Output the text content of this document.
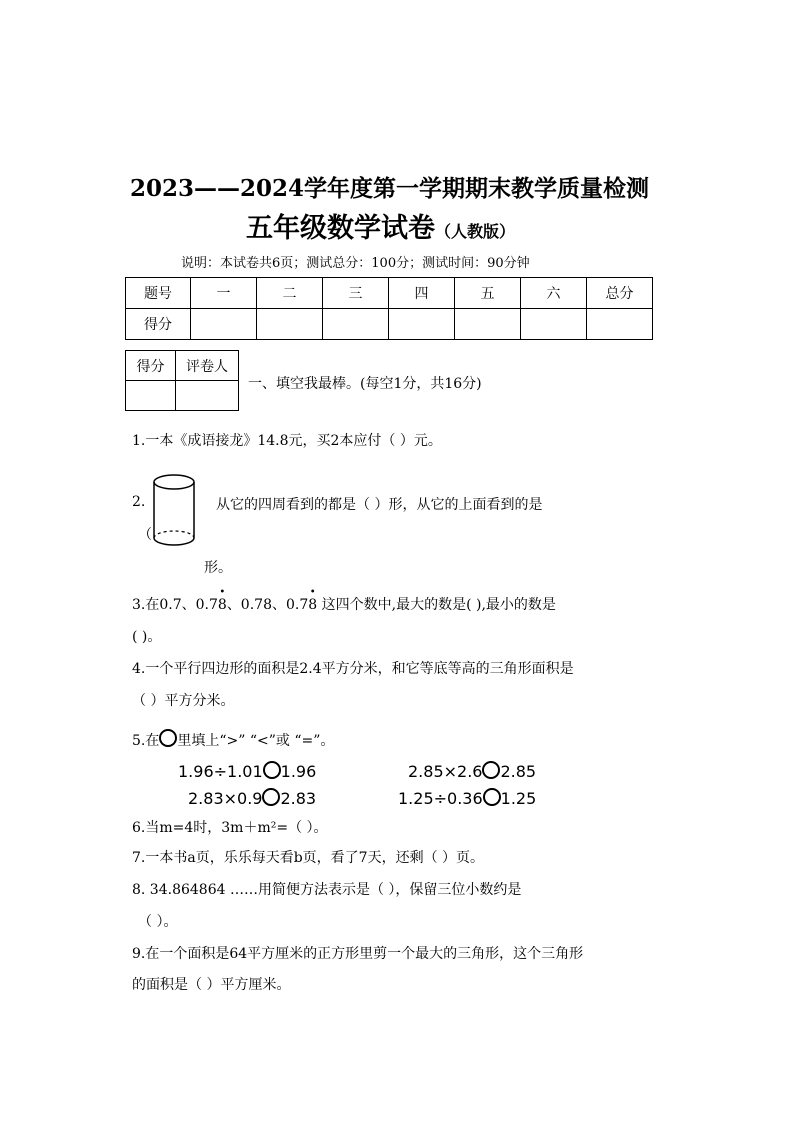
2023——2024学年度第一学期期末教学质量检测
五年级数学试卷（人教版）
说明：本试卷共6页；测试总分：100分；测试时间：90分钟
题号	一	二	三	四	五	六	总分
得分							
得分	评卷人

一、填空我最棒。(每空1分，共16分)
1.一本《成语接龙》14.8元，买2本应付（ ）元。
2.	从它的四周看到的都是（ ）形，从它的上面看到的是
（
形。
3.在0.7、0.7
•
8、0.78、0.7
•
8 这四个数中,最大的数是( ),最小的数是
( )。
4.一个平行四边形的面积是2.4平方分米，和它等底等高的三角形面积是
（ ）平方分米。
5.在 里填上“>” “<”或 “=”。
1.96÷1.01 1.96	2.85×2.6 2.85
2.83×0.9 2.83	1.25÷0.36 1.25
6.当m=4时，3m＋m²=（ ）。
7.一本书a页，乐乐每天看b页，看了7天，还剩（ ）页。
8. 34.864864 ……用简便方法表示是（ ），保留三位小数约是
（ ）。
9.在一个面积是64平方厘米的正方形里剪一个最大的三角形，这个三角形
的面积是（ ）平方厘米。
